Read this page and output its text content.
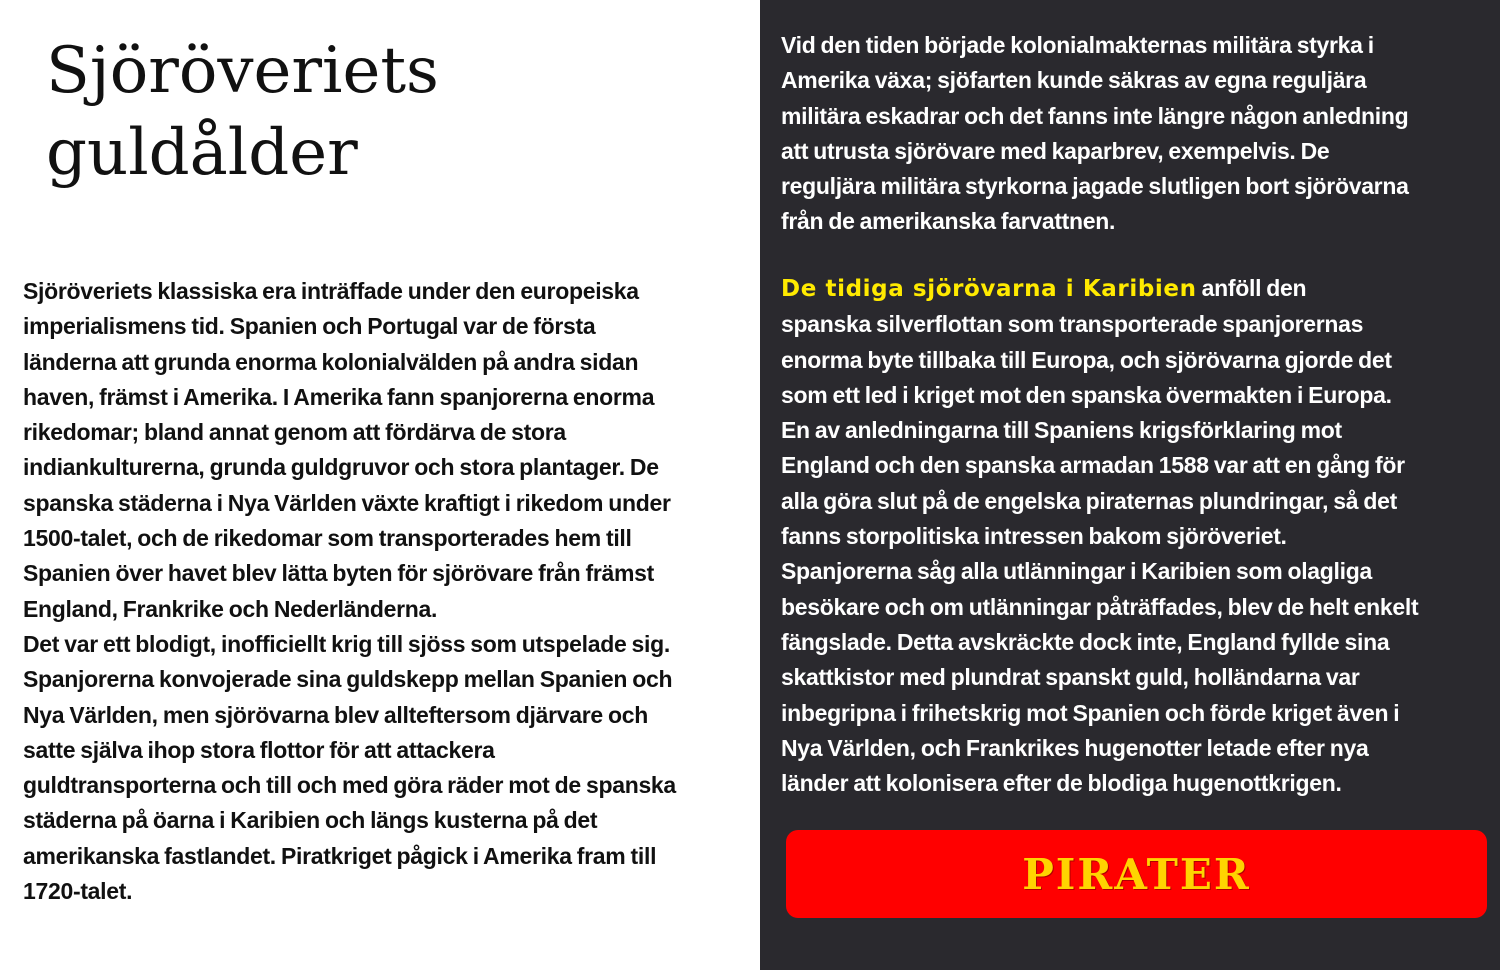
Sjöröveriets
guldålder
Sjöröveriets klassiska era inträffade under den europeiska
imperialismens tid. Spanien och Portugal var de första
länderna att grunda enorma kolonialvälden på andra sidan
haven, främst i Amerika. I Amerika fann spanjorerna enorma
rikedomar; bland annat genom att fördärva de stora
indiankulturerna, grunda guldgruvor och stora plantager. De
spanska städerna i Nya Världen växte kraftigt i rikedom under
1500-talet, och de rikedomar som transporterades hem till
Spanien över havet blev lätta byten för sjörövare från främst
England, Frankrike och Nederländerna.
Det var ett blodigt, inofficiellt krig till sjöss som utspelade sig.
Spanjorerna konvojerade sina guldskepp mellan Spanien och
Nya Världen, men sjörövarna blev allteftersom djärvare och
satte själva ihop stora flottor för att attackera
guldtransporterna och till och med göra räder mot de spanska
städerna på öarna i Karibien och längs kusterna på det
amerikanska fastlandet. Piratkriget pågick i Amerika fram till
1720-talet.
Vid den tiden började kolonialmakternas militära styrka i
Amerika växa; sjöfarten kunde säkras av egna reguljära
militära eskadrar och det fanns inte längre någon anledning
att utrusta sjörövare med kaparbrev, exempelvis. De
reguljära militära styrkorna jagade slutligen bort sjörövarna
från de amerikanska farvattnen.
De tidiga sjörövarna i Karibien anföll den
spanska silverflottan som transporterade spanjorernas
enorma byte tillbaka till Europa, och sjörövarna gjorde det
som ett led i kriget mot den spanska övermakten i Europa.
En av anledningarna till Spaniens krigsförklaring mot
England och den spanska armadan 1588 var att en gång för
alla göra slut på de engelska piraternas plundringar, så det
fanns storpolitiska intressen bakom sjöröveriet.
Spanjorerna såg alla utlänningar i Karibien som olagliga
besökare och om utlänningar påträffades, blev de helt enkelt
fängslade. Detta avskräckte dock inte, England fyllde sina
skattkistor med plundrat spanskt guld, holländarna var
inbegripna i frihetskrig mot Spanien och förde kriget även i
Nya Världen, och Frankrikes hugenotter letade efter nya
länder att kolonisera efter de blodiga hugenottkrigen.
PIRATER
